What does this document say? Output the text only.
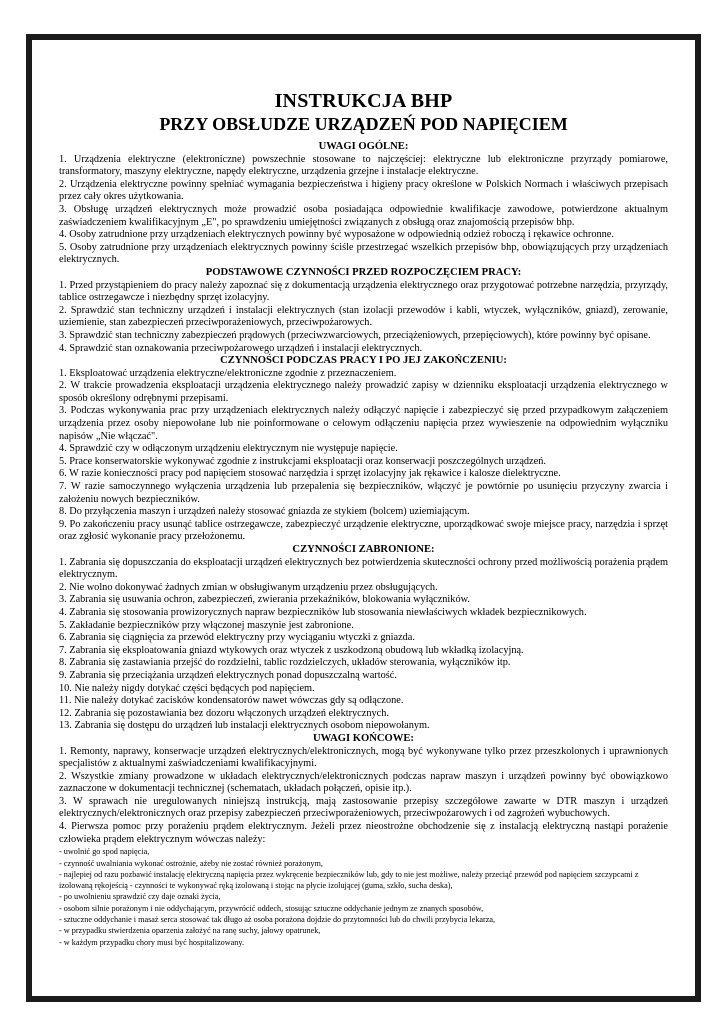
INSTRUKCJA BHP
PRZY OBSŁUDZE URZĄDZEŃ POD NAPIĘCIEM
UWAGI OGÓLNE:

1. Urządzenia elektryczne (elektroniczne) powszechnie stosowane to najczęściej: elektryczne lub elektroniczne przyrządy pomiarowe, transformatory, maszyny elektryczne, napędy elektryczne, urządzenia grzejne i instalacje elektryczne.

2. Urządzenia elektryczne powinny spełniać wymagania bezpieczeństwa i higieny pracy określone w Polskich Normach i właściwych przepisach przez cały okres użytkowania.

3. Obsługę urządzeń elektrycznych może prowadzić osoba posiadająca odpowiednie kwalifikacje zawodowe, potwierdzone aktualnym zaświadczeniem kwalifikacyjnym „E", po sprawdzeniu umiejętności związanych z obsługą oraz znajomością przepisów bhp.

4. Osoby zatrudnione przy urządzeniach elektrycznych powinny być wyposażone w odpowiednią odzież roboczą i rękawice ochronne.

5. Osoby zatrudnione przy urządzeniach elektrycznych powinny ściśle przestrzegać wszelkich przepisów bhp, obowiązujących przy urządzeniach elektrycznych.

PODSTAWOWE CZYNNOŚCI PRZED ROZPOCZĘCIEM PRACY:

1. Przed przystąpieniem do pracy należy zapoznać się z dokumentacją urządzenia elektrycznego oraz przygotować potrzebne narzędzia, przyrządy, tablice ostrzegawcze i niezbędny sprzęt izolacyjny.

2. Sprawdzić stan techniczny urządzeń i instalacji elektrycznych (stan izolacji przewodów i kabli, wtyczek, wyłączników, gniazd), zerowanie, uziemienie, stan zabezpieczeń przeciwporażeniowych, przeciwpożarowych.

3. Sprawdzić stan techniczny zabezpieczeń prądowych (przeciwzwarciowych, przeciążeniowych, przepięciowych), które powinny być opisane.

4. Sprawdzić stan oznakowania przeciwpożarowego urządzeń i instalacji elektrycznych.

CZYNNOŚCI PODCZAS PRACY I PO JEJ ZAKOŃCZENIU:

1. Eksploatować urządzenia elektryczne/elektroniczne zgodnie z przeznaczeniem.

2. W trakcie prowadzenia eksploatacji urządzenia elektrycznego należy prowadzić zapisy w dzienniku eksploatacji urządzenia elektrycznego w sposób określony odrębnymi przepisami.

3. Podczas wykonywania prac przy urządzeniach elektrycznych należy odłączyć napięcie i zabezpieczyć się przed przypadkowym załączeniem urządzenia przez osoby niepowołane lub nie poinformowane o celowym odłączeniu napięcia przez wywieszenie na odpowiednim wyłączniku napisów „Nie włączać".

4. Sprawdzić czy w odłączonym urządzeniu elektrycznym nie występuje napięcie.

5. Prace konserwatorskie wykonywać zgodnie z instrukcjami eksploatacji oraz konserwacji poszczególnych urządzeń.

6. W razie konieczności pracy pod napięciem stosować narzędzia i sprzęt izolacyjny jak rękawice i kalosze dielektryczne.

7. W razie samoczynnego wyłączenia urządzenia lub przepalenia się bezpieczników, włączyć je powtórnie po usunięciu przyczyny zwarcia i założeniu nowych bezpieczników.

8. Do przyłączenia maszyn i urządzeń należy stosować gniazda ze stykiem (bolcem) uziemiającym.

9. Po zakończeniu pracy usunąć tablice ostrzegawcze, zabezpieczyć urządzenie elektryczne, uporządkować swoje miejsce pracy, narzędzia i sprzęt oraz zgłosić wykonanie pracy przełożonemu.

CZYNNOŚCI ZABRONIONE:

1. Zabrania się dopuszczania do eksploatacji urządzeń elektrycznych bez potwierdzenia skuteczności ochrony przed możliwością porażenia prądem elektrycznym.

2. Nie wolno dokonywać żadnych zmian w obsługiwanym urządzeniu przez obsługujących.

3. Zabrania się usuwania ochron, zabezpieczeń, zwierania przekaźników, blokowania wyłączników.

4. Zabrania się stosowania prowizorycznych napraw bezpieczników lub stosowania niewłaściwych wkładek bezpiecznikowych.

5. Zakładanie bezpieczników przy włączonej maszynie jest zabronione.

6. Zabrania się ciągnięcia za przewód elektryczny przy wyciąganiu wtyczki z gniazda.

7. Zabrania się eksploatowania gniazd wtykowych oraz wtyczek z uszkodzoną obudową lub wkładką izolacyjną.

8. Zabrania się zastawiania przejść do rozdzielni, tablic rozdzielczych, układów sterowania, wyłączników itp.

9. Zabrania się przeciążania urządzeń elektrycznych ponad dopuszczalną wartość.

10. Nie należy nigdy dotykać części będących pod napięciem.

11. Nie należy dotykać zacisków kondensatorów nawet wówczas gdy są odłączone.

12. Zabrania się pozostawiania bez dozoru włączonych urządzeń elektrycznych.

13. Zabrania się dostępu do urządzeń lub instalacji elektrycznych osobom niepowołanym.

UWAGI KOŃCOWE:

1. Remonty, naprawy, konserwacje urządzeń elektrycznych/elektronicznych, mogą być wykonywane tylko przez przeszkolonych i uprawnionych specjalistów z aktualnymi zaświadczeniami kwalifikacyjnymi.

2. Wszystkie zmiany prowadzone w układach elektrycznych/elektronicznych podczas napraw maszyn i urządzeń powinny być obowiązkowo zaznaczone w dokumentacji technicznej (schematach, układach połączeń, opisie itp.).

3. W sprawach nie uregulowanych niniejszą instrukcją, mają zastosowanie przepisy szczegółowe zawarte w DTR maszyn i urządzeń elektrycznych/elektronicznych oraz przepisy zabezpieczeń przeciwporażeniowych, przeciwpożarowych i od zagrożeń wybuchowych.

4. Pierwsza pomoc przy porażeniu prądem elektrycznym. Jeżeli przez nieostrożne obchodzenie się z instalacją elektryczną nastąpi porażenie człowieka prądem elektrycznym wówczas należy:

- uwolnić go spod napięcia,

- czynność uwalniania wykonać ostrożnie, ażeby nie zostać również porażonym,

- najlepiej od razu pozbawić instalację elektryczną napięcia przez wykręcenie bezpieczników lub, gdy to nie jest możliwe, należy przeciąć przewód pod napięciem szczypcami z izolowaną rękojeścią - czynności te wykonywać ręką izolowaną i stojąc na płycie izolującej (guma, szkło, sucha deska),

- po uwolnieniu sprawdzić czy daje oznaki życia,

- osobom silnie porażonym i nie oddychającym, przywrócić oddech, stosując sztuczne oddychanie jednym ze znanych sposobów,

- sztuczne oddychanie i masaż serca stosować tak długo aż osoba porażona dojdzie do przytomności lub do chwili przybycia lekarza,

- w przypadku stwierdzenia oparzenia założyć na ranę suchy, jałowy opatrunek,

- w każdym przypadku chory musi być hospitalizowany.
